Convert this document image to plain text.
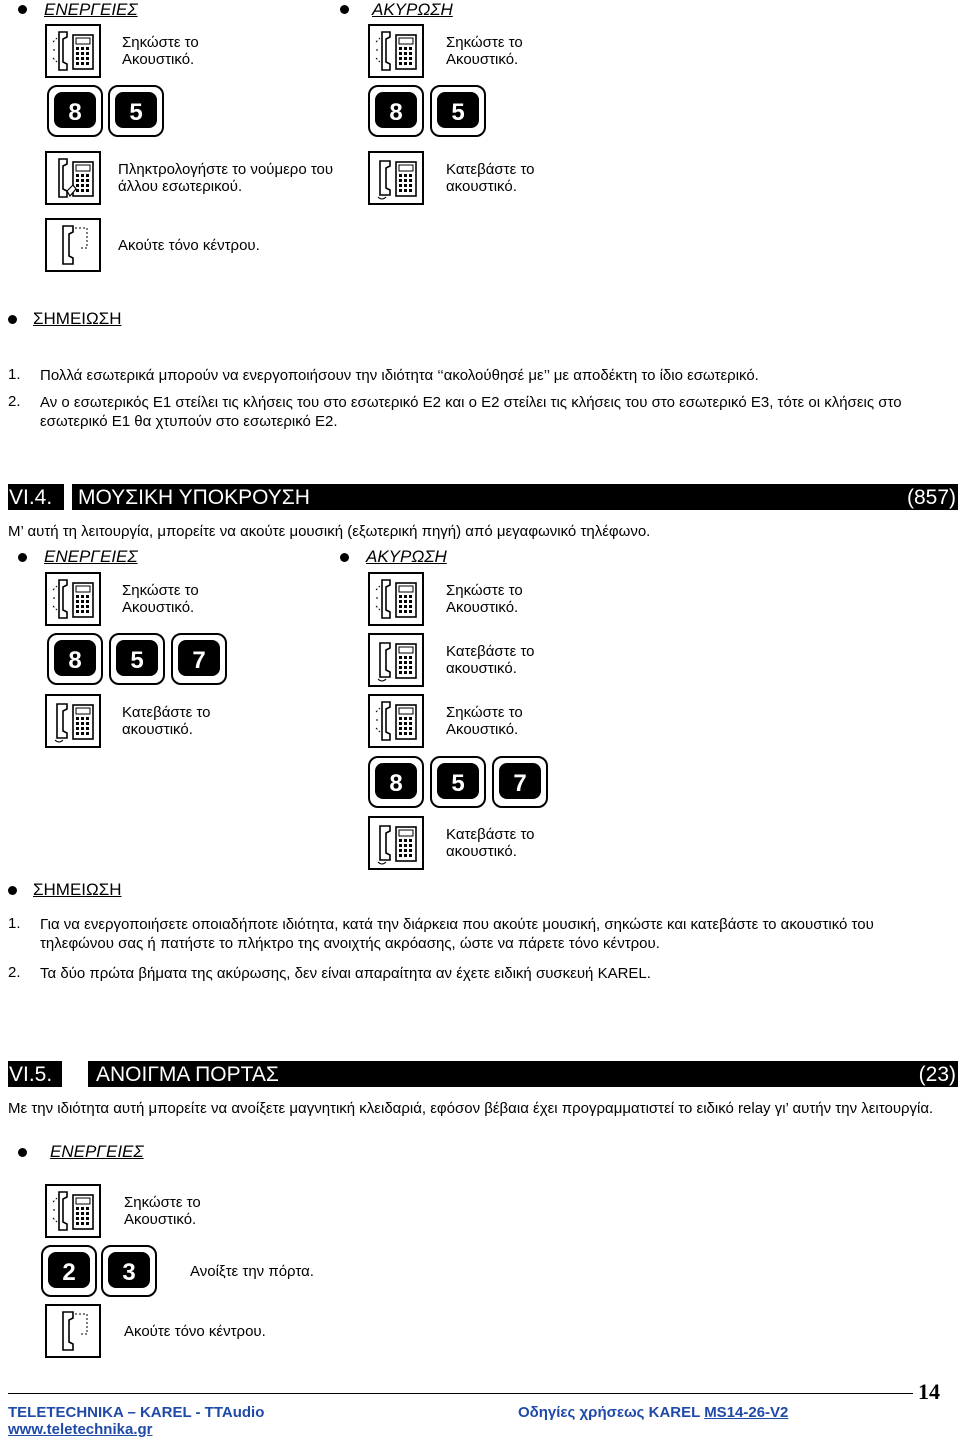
ΕΝΕΡΓΕΙΕΣ	ΑΚΥΡΩΣΗ
Σηκώστε το
Ακουστικό.
8 5
Πληκτρολογήστε το νούμερο του
άλλου εσωτερικού.
Ακούτε τόνο κέντρου.
Σηκώστε το
Ακουστικό.
8 5
Κατεβάστε το
ακουστικό.
ΣΗΜΕΙΩΣΗ
1. Πολλά εσωτερικά μπορούν να ενεργοποιήσουν την ιδιότητα ‘‘ακολούθησέ με’’ με αποδέκτη το ίδιο εσωτερικό.
2. Αν ο εσωτερικός Ε1 στείλει τις κλήσεις του στο εσωτερικό Ε2 και ο Ε2 στείλει τις κλήσεις του στο εσωτερικό Ε3, τότε οι κλήσεις στο εσωτερικό Ε1 θα χτυπούν στο εσωτερικό Ε2.
VI.4. ΜΟΥΣΙΚΗ ΥΠΟΚΡΟΥΣΗ	(857)
Μ’ αυτή τη λειτουργία, μπορείτε να ακούτε μουσική (εξωτερική πηγή) από μεγαφωνικό τηλέφωνο.
ΕΝΕΡΓΕΙΕΣ	ΑΚΥΡΩΣΗ
Σηκώστε το
Ακουστικό.
8 5 7
Κατεβάστε το
ακουστικό.
Σηκώστε το
Ακουστικό.
Κατεβάστε το
ακουστικό.
Σηκώστε το
Ακουστικό.
8 5 7
Κατεβάστε το
ακουστικό.
ΣΗΜΕΙΩΣΗ
1. Για να ενεργοποιήσετε οποιαδήποτε ιδιότητα, κατά την διάρκεια που ακούτε μουσική, σηκώστε και κατεβάστε το ακουστικό του τηλεφώνου σας ή πατήστε το πλήκτρο της ανοιχτής ακρόασης, ώστε να πάρετε τόνο κέντρου.
2. Τα δύο πρώτα βήματα της ακύρωσης, δεν είναι απαραίτητα αν έχετε ειδική συσκευή KAREL.
VI.5. ΑΝΟΙΓΜΑ ΠΟΡΤΑΣ	(23)
Με την ιδιότητα αυτή μπορείτε να ανοίξετε μαγνητική κλειδαριά, εφόσον βέβαια έχει προγραμματιστεί το ειδικό relay γι’ αυτήν την λειτουργία.
ΕΝΕΡΓΕΙΕΣ
Σηκώστε το
Ακουστικό.
2 3	Ανοίξτε την πόρτα.
Ακούτε τόνο κέντρου.
14
TELETECHNIKA – KAREL - TTAudio
www.teletechnika.gr
Οδηγίες χρήσεως KAREL MS14-26-V2
